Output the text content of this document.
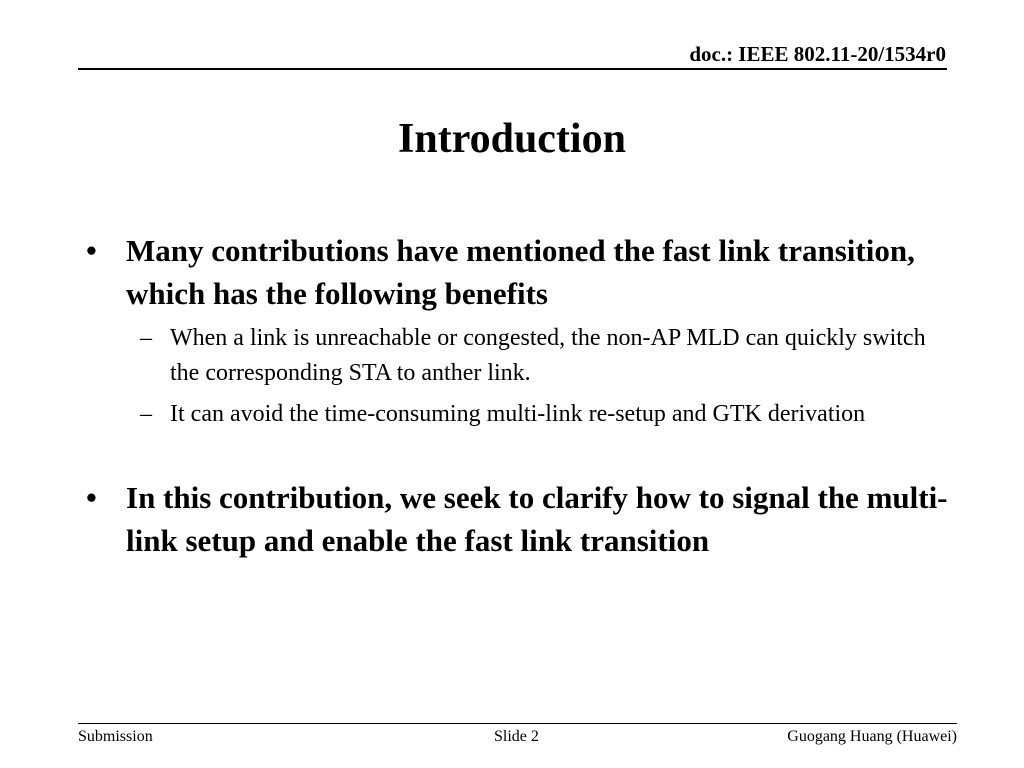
doc.: IEEE 802.11-20/1534r0
Introduction
• Many contributions have mentioned the fast link transition, which has the following benefits
– When a link is unreachable or congested, the non-AP MLD can quickly switch the corresponding STA to anther link.
– It can avoid the time-consuming multi-link re-setup and GTK derivation
• In this contribution, we seek to clarify how to signal the multi-link setup and enable the fast link transition
Submission	Slide 2	Guogang Huang (Huawei)
